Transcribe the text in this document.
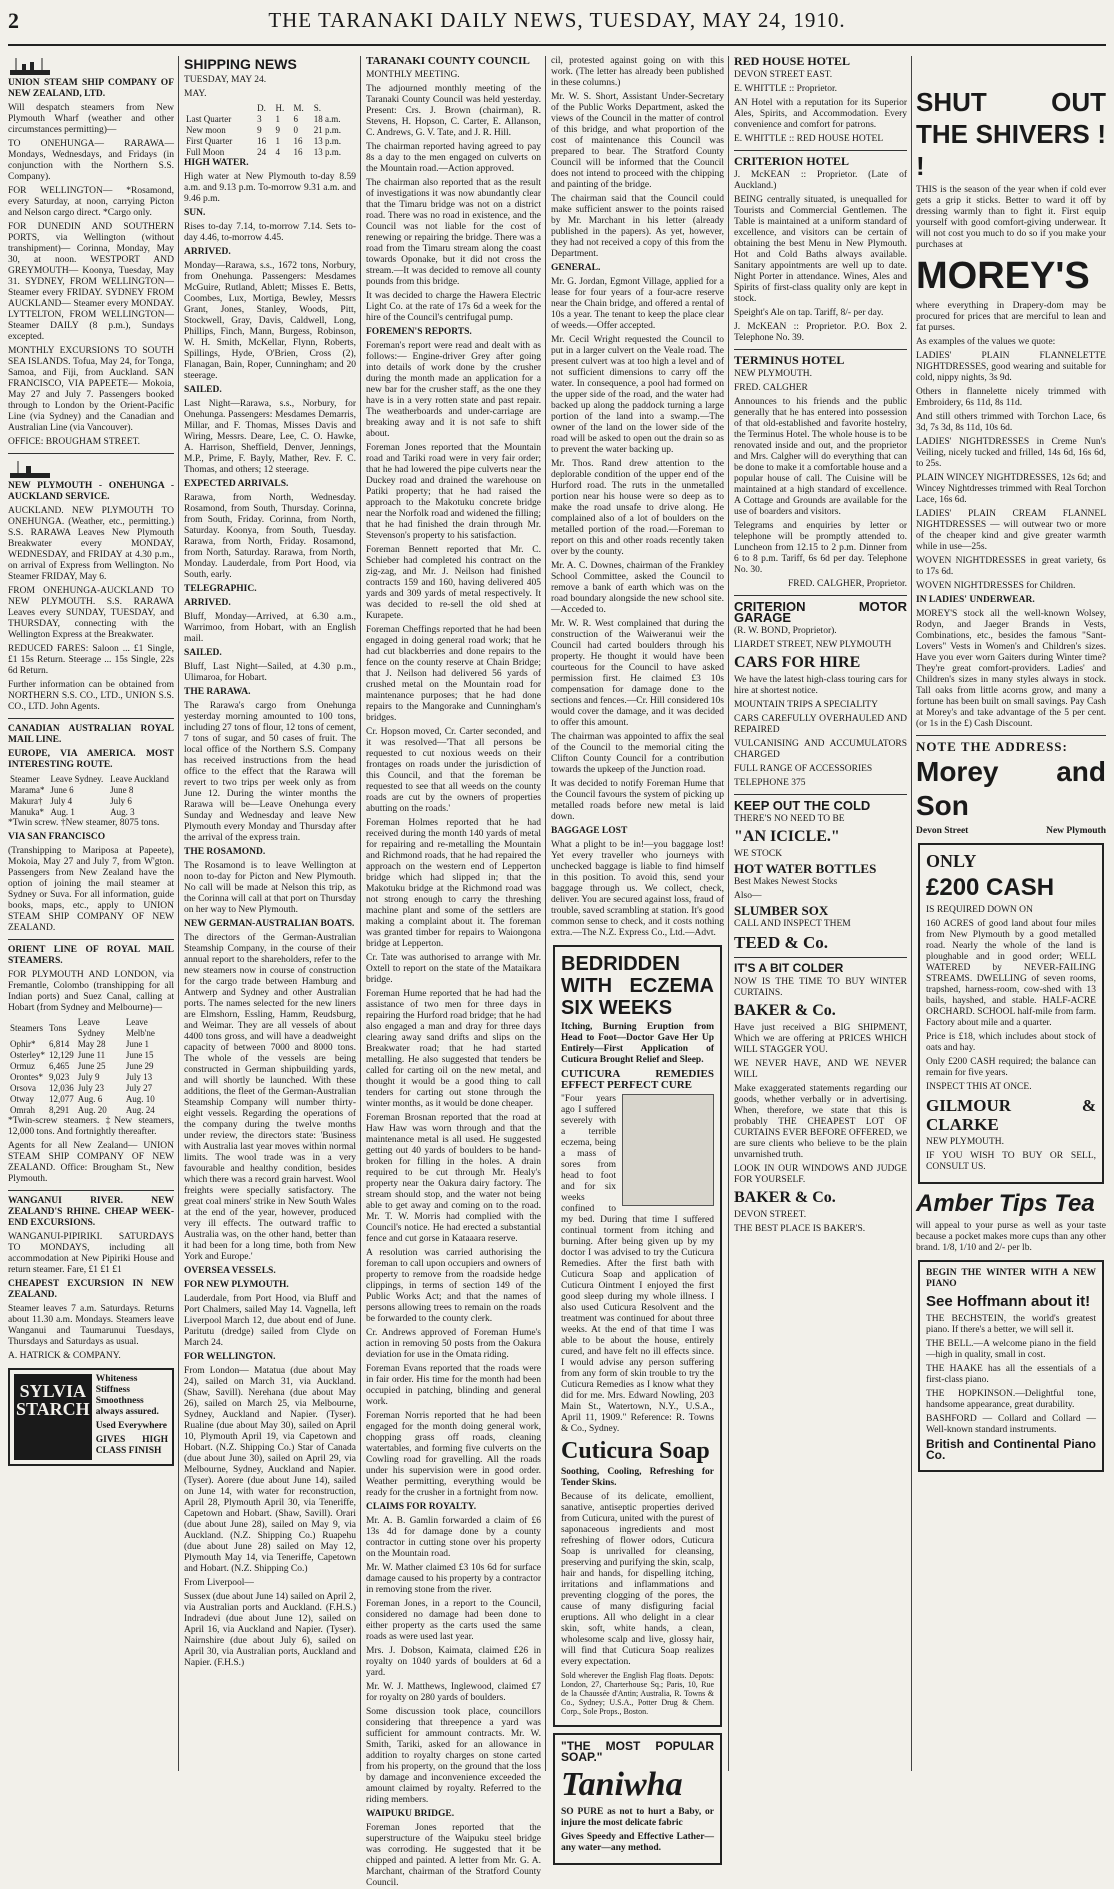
2	THE TARANAKI DAILY NEWS, TUESDAY, MAY 24, 1910.

UNION STEAM SHIP COMPANY OF NEW ZEALAND, LTD.

Will despatch steamers from New Plymouth Wharf (weather and other circumstances permitting)—

TO ONEHUNGA— RARAWA—Mondays, Wednesdays, and Fridays (in conjunction with the Northern S.S. Company).

FOR WELLINGTON— *Rosamond, every Saturday, at noon, carrying Picton and Nelson cargo direct. *Cargo only.

FOR DUNEDIN AND SOUTHERN PORTS, via Wellington (without transhipment)— Corinna, Monday, May 30, at noon. WESTPORT AND GREYMOUTH— Koonya, Tuesday, May 31. SYDNEY, FROM WELLINGTON— Steamer every FRIDAY. SYDNEY FROM AUCKLAND— Steamer every MONDAY. LYTTELTON, FROM WELLINGTON— Steamer DAILY (8 p.m.), Sundays excepted.

MONTHLY EXCURSIONS TO SOUTH SEA ISLANDS. Tofua, May 24, for Tonga, Samoa, and Fiji, from Auckland. SAN FRANCISCO, VIA PAPEETE— Mokoia, May 27 and July 7. Passengers booked through to London by the Orient-Pacific Line (via Sydney) and the Canadian and Australian Line (via Vancouver).

OFFICE: BROUGHAM STREET.

NEW PLYMOUTH - ONEHUNGA - AUCKLAND SERVICE.

AUCKLAND. NEW PLYMOUTH TO ONEHUNGA. (Weather, etc., permitting.) S.S. RARAWA Leaves New Plymouth Breakwater every MONDAY, WEDNESDAY, and FRIDAY at 4.30 p.m., on arrival of Express from Wellington. No Steamer FRIDAY, May 6.

FROM ONEHUNGA-AUCKLAND TO NEW PLYMOUTH. S.S. RARAWA Leaves every SUNDAY, TUESDAY, and THURSDAY, connecting with the Wellington Express at the Breakwater.

REDUCED FARES: Saloon ... £1 Single, £1 15s Return. Steerage ... 15s Single, 22s 6d Return.

Further information can be obtained from NORTHERN S.S. CO., LTD., UNION S.S. CO., LTD. John Agents.

CANADIAN AUSTRALIAN ROYAL MAIL LINE.

EUROPE, VIA AMERICA. MOST INTERESTING ROUTE.

Steamer	Leave Sydney.	Leave Auckland
Marama*	June 6	June 8
Makura†	July 4	July 6
Manuka*	Aug. 1	Aug. 3

*Twin screw. †New steamer, 8075 tons.

VIA SAN FRANCISCO

(Transhipping to Mariposa at Papeete), Mokoia, May 27 and July 7, from W'gton. Passengers from New Zealand have the option of joining the mail steamer at Sydney or Suva. For all information, guide books, maps, etc., apply to UNION STEAM SHIP COMPANY OF NEW ZEALAND.

ORIENT LINE OF ROYAL MAIL STEAMERS.

FOR PLYMOUTH AND LONDON, via Fremantle, Colombo (transhipping for all Indian ports) and Suez Canal, calling at Hobart (from Sydney and Melbourne)—

Steamers	Tons	Leave Sydney	Leave Melb'ne
Ophir*	6,814	May 28	June 1
Osterley*	12,129	June 11	June 15
Ormuz	6,465	June 25	June 29
Orontes*	9,023	July 9	July 13
Orsova	12,036	July 23	July 27
Otway	12,077	Aug. 6	Aug. 10
Omrah	8,291	Aug. 20	Aug. 24

*Twin-screw steamers. ‡New steamers, 12,000 tons. And fortnightly thereafter.

Agents for all New Zealand— UNION STEAM SHIP COMPANY OF NEW ZEALAND. Office: Brougham St., New Plymouth.

WANGANUI RIVER. NEW ZEALAND'S RHINE. CHEAP WEEK-END EXCURSIONS.

WANGANUI-PIPIRIKI. SATURDAYS TO MONDAYS, including all accommodation at New Pipiriki House and return steamer. Fare, £1 £1 £1

CHEAPEST EXCURSION IN NEW ZEALAND.

Steamer leaves 7 a.m. Saturdays. Returns about 11.30 a.m. Mondays. Steamers leave Wanganui and Taumarunui Tuesdays, Thursdays and Saturdays as usual.

A. HATRICK & COMPANY.

SYLVIA STARCH

Whiteness Stiffness Smoothness always assured.

Used Everywhere

GIVES HIGH CLASS FINISH

SHIPPING NEWS

TUESDAY, MAY 24.

MAY.

	D.	H.	M.	S.
Last Quarter	3	1	6	18 a.m.
New moon	9	9	0	21 p.m.
First Quarter	16	1	16	13 p.m.
Full Moon	24	4	16	13 p.m.

HIGH WATER.

High water at New Plymouth to-day 8.59 a.m. and 9.13 p.m. To-morrow 9.31 a.m. and 9.46 p.m.

SUN.

Rises to-day 7.14, to-morrow 7.14. Sets to-day 4.46, to-morrow 4.45.

ARRIVED.

Monday—Rarawa, s.s., 1672 tons, Norbury, from Onehunga. Passengers: Mesdames McGuire, Rutland, Ablett; Misses E. Betts, Coombes, Lux, Mortiga, Bewley, Messrs Grant, Jones, Stanley, Woods, Pitt, Stockwell, Gray, Davis, Caldwell, Long, Phillips, Finch, Mann, Burgess, Robinson, W. H. Smith, McKellar, Flynn, Roberts, Spillings, Hyde, O'Brien, Cross (2), Flanagan, Bain, Roper, Cunningham; and 20 steerage.

SAILED.

Last Night—Rarawa, s.s., Norbury, for Onehunga. Passengers: Mesdames Demarris, Millar, and F. Thomas, Misses Davis and Wiring, Messrs. Deare, Lee, C. O. Hawke, A. Harrison, Sheffield, Denver, Jennings, M.P., Prime, F. Bayly, Mather, Rev. F. C. Thomas, and others; 12 steerage.

EXPECTED ARRIVALS.

Rarawa, from North, Wednesday. Rosamond, from South, Thursday. Corinna, from South, Friday. Corinna, from North, Saturday. Koonya, from South, Tuesday. Rarawa, from North, Friday. Rosamond, from North, Saturday. Rarawa, from North, Monday. Lauderdale, from Port Hood, via South, early.

TELEGRAPHIC.

ARRIVED.

Bluff, Monday—Arrived, at 6.30 a.m., Warrimoo, from Hobart, with an English mail.

SAILED.

Bluff, Last Night—Sailed, at 4.30 p.m., Ulimaroa, for Hobart.

THE RARAWA.

The Rarawa's cargo from Onehunga yesterday morning amounted to 100 tons, including 27 tons of flour, 12 tons of cement, 7 tons of sugar, and 50 cases of fruit. The local office of the Northern S.S. Company has received instructions from the head office to the effect that the Rarawa will revert to two trips per week only as from June 12. During the winter months the Rarawa will be—Leave Onehunga every Sunday and Wednesday and leave New Plymouth every Monday and Thursday after the arrival of the express train.

THE ROSAMOND.

The Rosamond is to leave Wellington at noon to-day for Picton and New Plymouth. No call will be made at Nelson this trip, as the Corinna will call at that port on Thursday on her way to New Plymouth.

NEW GERMAN-AUSTRALIAN BOATS.

The directors of the German-Australian Steamship Company, in the course of their annual report to the shareholders, refer to the new steamers now in course of construction for the cargo trade between Hamburg and Antwerp and Sydney and other Australian ports. The names selected for the new liners are Elmshorn, Essling, Hamm, Reudsburg, and Weimar. They are all vessels of about 4400 tons gross, and will have a deadweight capacity of between 7000 and 8000 tons. The whole of the vessels are being constructed in German shipbuilding yards, and will shortly be launched. With these additions, the fleet of the German-Australian Steamship Company will number thirty-eight vessels. Regarding the operations of the company during the twelve months under review, the directors state: 'Business with Australia last year moves within normal limits. The wool trade was in a very favourable and healthy condition, besides which there was a record grain harvest. Wool freights were specially satisfactory. The great coal miners' strike in New South Wales at the end of the year, however, produced very ill effects. The outward traffic to Australia was, on the other hand, better than it had been for a long time, both from New York and Europe.'

OVERSEA VESSELS.

FOR NEW PLYMOUTH.

Lauderdale, from Port Hood, via Bluff and Port Chalmers, sailed May 14. Vagnella, left Liverpool March 12, due about end of June. Paritutu (dredge) sailed from Clyde on March 24.

FOR WELLINGTON.

From London— Matatua (due about May 24), sailed on March 31, via Auckland. (Shaw, Savill). Nerehana (due about May 26), sailed on March 25, via Melbourne, Sydney, Auckland and Napier. (Tyser). Rualine (due about May 30), sailed on April 10, Plymouth April 19, via Capetown and Hobart. (N.Z. Shipping Co.) Star of Canada (due about June 30), sailed on April 29, via Melbourne, Sydney, Auckland and Napier. (Tyser). Aorere (due about June 14), sailed on June 14, with water for reconstruction, April 28, Plymouth April 30, via Teneriffe, Capetown and Hobart. (Shaw, Savill). Orari (due about June 28), sailed on May 9, via Auckland. (N.Z. Shipping Co.) Ruapehu (due about June 28) sailed on May 12, Plymouth May 14, via Teneriffe, Capetown and Hobart. (N.Z. Shipping Co.)

From Liverpool—

Sussex (due about June 14) sailed on April 2, via Australian ports and Auckland. (F.H.S.) Indradevi (due about June 12), sailed on April 16, via Auckland and Napier. (Tyser). Nairnshire (due about July 6), sailed on April 30, via Australian ports, Auckland and Napier. (F.H.S.)

TARANAKI COUNTY COUNCIL

MONTHLY MEETING.

The adjourned monthly meeting of the Taranaki County Council was held yesterday. Present: Crs. J. Brown (chairman), R. Stevens, H. Hopson, C. Carter, E. Allanson, C. Andrews, G. V. Tate, and J. R. Hill.

The chairman reported having agreed to pay 8s a day to the men engaged on culverts on the Mountain road.—Action approved.

The chairman also reported that as the result of investigations it was now abundantly clear that the Timaru bridge was not on a district road. There was no road in existence, and the Council was not liable for the cost of renewing or repairing the bridge. There was a road from the Timaru stream along the coast towards Oponake, but it did not cross the stream.—It was decided to remove all county pounds from this bridge.

It was decided to charge the Hawera Electric Light Co. at the rate of 17s 6d a week for the hire of the Council's centrifugal pump.

FOREMEN'S REPORTS.

Foreman's report were read and dealt with as follows:— Engine-driver Grey after going into details of work done by the crusher during the month made an application for a new bar for the crusher staff, as the one they have is in a very rotten state and past repair. The weatherboards and under-carriage are breaking away and it is not safe to shift about.

Foreman Jones reported that the Mountain road and Tariki road were in very fair order; that he had lowered the pipe culverts near the Duckey road and drained the warehouse on Patiki property; that he had raised the approach to the Makotuku concrete bridge near the Norfolk road and widened the filling; that he had finished the drain through Mr. Stevenson's property to his satisfaction.

Foreman Bennett reported that Mr. C. Schieber had completed his contract on the zig-zag, and Mr. J. Neilson had finished contracts 159 and 160, having delivered 405 yards and 309 yards of metal respectively. It was decided to re-sell the old shed at Kurapete.

Foreman Cheffings reported that he had been engaged in doing general road work; that he had cut blackberries and done repairs to the fence on the county reserve at Chain Bridge; that J. Neilson had delivered 56 yards of crushed metal on the Mountain road for maintenance purposes; that he had done repairs to the Mangorake and Cunningham's bridges.

Cr. Hopson moved, Cr. Carter seconded, and it was resolved—'That all persons be requested to cut noxious weeds on their frontages on roads under the jurisdiction of this Council, and that the foreman be requested to see that all weeds on the county roads are cut by the owners of properties abutting on the roads.'

Foreman Holmes reported that he had received during the month 140 yards of metal for repairing and re-metalling the Mountain and Richmond roads, that he had repaired the approach on the western end of Lepperton bridge which had slipped in; that the Makotuku bridge at the Richmond road was not strong enough to carry the threshing machine plant and some of the settlers are making a complaint about it. The foreman was granted timber for repairs to Waiongona bridge at Lepperton.

Cr. Tate was authorised to arrange with Mr. Oxtell to report on the state of the Mataikara bridge.

Foreman Hume reported that he had had the assistance of two men for three days in repairing the Hurford road bridge; that he had also engaged a man and dray for three days clearing away sand drifts and slips on the Breakwater road; that he had started metalling. He also suggested that tenders be called for carting oil on the new metal, and thought it would be a good thing to call tenders for carting out stone through the winter months, as it would be done cheaper.

Foreman Brosnan reported that the road at Haw Haw was worn through and that the maintenance metal is all used. He suggested getting out 40 yards of boulders to be hand-broken for filling in the holes. A drain required to be cut through Mr. Healy's property near the Oakura dairy factory. The stream should stop, and the water not being able to get away and coming on to the road. Mr. T. W. Morris had complied with the Council's notice. He had erected a substantial fence and cut gorse in Kataaara reserve.

A resolution was carried authorising the foreman to call upon occupiers and owners of property to remove from the roadside hedge clippings, in terms of section 149 of the Public Works Act; and that the names of persons allowing trees to remain on the roads be forwarded to the county clerk.

Cr. Andrews approved of Foreman Hume's action in removing 50 posts from the Oakura deviation for use in the Omata riding.

Foreman Evans reported that the roads were in fair order. His time for the month had been occupied in patching, blinding and general work.

Foreman Norris reported that he had been engaged for the month doing general work, chopping grass off roads, cleaning watertables, and forming five culverts on the Cowling road for gravelling. All the roads under his supervision were in good order. Weather permitting, everything would be ready for the crusher in a fortnight from now.

CLAIMS FOR ROYALTY.

Mr. A. B. Gamlin forwarded a claim of £6 13s 4d for damage done by a county contractor in cutting stone over his property on the Mountain road.

Mr. W. Mather claimed £3 10s 6d for surface damage caused to his property by a contractor in removing stone from the river.

Foreman Jones, in a report to the Council, considered no damage had been done to either property as the carts used the same roads as were used last year.

Mrs. J. Dobson, Kaimata, claimed £26 in royalty on 1040 yards of boulders at 6d a yard.

Mr. W. J. Matthews, Inglewood, claimed £7 for royalty on 280 yards of boulders.

Some discussion took place, councillors considering that threepence a yard was sufficient for ammount contracts. Mr. W. Smith, Tariki, asked for an allowance in addition to royalty charges on stone carted from his property, on the ground that the loss by damage and inconvenience exceeded the amount claimed by royalty. Referred to the riding members.

WAIPUKU BRIDGE.

Foreman Jones reported that the superstructure of the Waipuku steel bridge was corroding. He suggested that it be chipped and painted. A letter from Mr. G. A. Marchant, chairman of the Stratford County Council.

cil, protested against going on with this work. (The letter has already been published in these columns.)

Mr. W. S. Short, Assistant Under-Secretary of the Public Works Department, asked the views of the Council in the matter of control of this bridge, and what proportion of the cost of maintenance this Council was prepared to bear. The Stratford County Council will be informed that the Council does not intend to proceed with the chipping and painting of the bridge.

The chairman said that the Council could make sufficient answer to the points raised by Mr. Marchant in his letter (already published in the papers). As yet, however, they had not received a copy of this from the Department.

GENERAL.

Mr. G. Jordan, Egmont Village, applied for a lease for four years of a four-acre reserve near the Chain bridge, and offered a rental of 10s a year. The tenant to keep the place clear of weeds.—Offer accepted.

Mr. Cecil Wright requested the Council to put in a larger culvert on the Veale road. The present culvert was at too high a level and of not sufficient dimensions to carry off the water. In consequence, a pool had formed on the upper side of the road, and the water had backed up along the paddock turning a large portion of the land into a swamp.—The owner of the land on the lower side of the road will be asked to open out the drain so as to prevent the water backing up.

Mr. Thos. Rand drew attention to the deplorable condition of the upper end of the Hurford road. The ruts in the unmetalled portion near his house were so deep as to make the road unsafe to drive along. He complained also of a lot of boulders on the metalled portion of the road.—Foreman to report on this and other roads recently taken over by the county.

Mr. A. C. Downes, chairman of the Frankley School Committee, asked the Council to remove a bank of earth which was on the road boundary alongside the new school site.—Acceded to.

Mr. W. R. West complained that during the construction of the Waiweranui weir the Council had carted boulders through his property. He thought it would have been courteous for the Council to have asked permission first. He claimed £3 10s compensation for damage done to the sections and fences.—Cr. Hill considered 10s would cover the damage, and it was decided to offer this amount.

The chairman was appointed to affix the seal of the Council to the memorial citing the Clifton County Council for a contribution towards the upkeep of the Junction road.

It was decided to notify Foreman Hume that the Council favours the system of picking up metalled roads before new metal is laid down.

BAGGAGE LOST

What a plight to be in!—you baggage lost! Yet every traveller who journeys with unchecked baggage is liable to find himself in this position. To avoid this, send your baggage through us. We collect, check, deliver. You are secured against loss, fraud of trouble, saved scrambling at station. It's good common sense to check, and it costs nothing extra.—The N.Z. Express Co., Ltd.—Advt.

BEDRIDDEN WITH ECZEMA SIX WEEKS

Itching, Burning Eruption from Head to Foot—Doctor Gave Her Up Entirely—First Application of Cuticura Brought Relief and Sleep.

CUTICURA REMEDIES EFFECT PERFECT CURE

"Four years ago I suffered severely with a terrible eczema, being a mass of sores from head to foot and for six weeks confined to my bed. During that time I suffered continual torment from itching and burning. After being given up by my doctor I was advised to try the Cuticura Remedies. After the first bath with Cuticura Soap and application of Cuticura Ointment I enjoyed the first good sleep during my whole illness. I also used Cuticura Resolvent and the treatment was continued for about three weeks. At the end of that time I was able to be about the house, entirely cured, and have felt no ill effects since. I would advise any person suffering from any form of skin trouble to try the Cuticura Remedies as I know what they did for me. Mrs. Edward Nowling, 203 Main St., Watertown, N.Y., U.S.A., April 11, 1909." Reference: R. Towns & Co., Sydney.

Cuticura Soap

Soothing, Cooling, Refreshing for Tender Skins.

Because of its delicate, emollient, sanative, antiseptic properties derived from Cuticura, united with the purest of saponaceous ingredients and most refreshing of flower odors, Cuticura Soap is unrivalled for cleansing, preserving and purifying the skin, scalp, hair and hands, for dispelling itching, irritations and inflammations and preventing clogging of the pores, the cause of many disfiguring facial eruptions. All who delight in a clear skin, soft, white hands, a clean, wholesome scalp and live, glossy hair, will find that Cuticura Soap realizes every expectation.

Sold wherever the English Flag floats. Depots: London, 27, Charterhouse Sq.; Paris, 10, Rue de la Chaussée d'Antin; Australia, R. Towns & Co., Sydney; U.S.A., Potter Drug & Chem. Corp., Sole Props., Boston.

"THE MOST POPULAR SOAP."

Taniwha

SO PURE as not to hurt a Baby, or injure the most delicate fabric

Gives Speedy and Effective Lather—any water—any method.

RED HOUSE HOTEL

DEVON STREET EAST.

E. WHITTLE :: Proprietor.

AN Hotel with a reputation for its Superior Ales, Spirits, and Accommodation. Every convenience and comfort for patrons.

E. WHITTLE :: RED HOUSE HOTEL

CRITERION HOTEL

J. McKEAN :: Proprietor. (Late of Auckland.)

BEING centrally situated, is unequalled for Tourists and Commercial Gentlemen. The Table is maintained at a uniform standard of excellence, and visitors can be certain of obtaining the best Menu in New Plymouth. Hot and Cold Baths always available. Sanitary appointments are well up to date. Night Porter in attendance. Wines, Ales and Spirits of first-class quality only are kept in stock.

Speight's Ale on tap. Tariff, 8/- per day.

J. McKEAN :: Proprietor. P.O. Box 2. Telephone No. 39.

TERMINUS HOTEL

NEW PLYMOUTH.

FRED. CALGHER

Announces to his friends and the public generally that he has entered into possession of that old-established and favorite hostelry, the Terminus Hotel. The whole house is to be renovated inside and out, and the proprietor and Mrs. Calgher will do everything that can be done to make it a comfortable house and a popular house of call. The Cuisine will be maintained at a high standard of excellence. A Cottage and Grounds are available for the use of boarders and visitors.

Telegrams and enquiries by letter or telephone will be promptly attended to. Luncheon from 12.15 to 2 p.m. Dinner from 6 to 8 p.m. Tariff, 6s 6d per day. Telephone No. 30.

FRED. CALGHER, Proprietor.

CRITERION MOTOR GARAGE

(R. W. BOND, Proprietor).

LIARDET STREET, NEW PLYMOUTH

CARS FOR HIRE

We have the latest high-class touring cars for hire at shortest notice.

MOUNTAIN TRIPS A SPECIALITY

CARS CAREFULLY OVERHAULED AND REPAIRED

VULCANISING AND ACCUMULATORS CHARGED

FULL RANGE OF ACCESSORIES

TELEPHONE 375

KEEP OUT THE COLD

THERE'S NO NEED TO BE

"AN ICICLE."

WE STOCK

HOT WATER BOTTLES

Best Makes Newest Stocks

Also—

SLUMBER SOX

CALL AND INSPECT THEM

TEED & Co.

IT'S A BIT COLDER

NOW IS THE TIME TO BUY WINTER CURTAINS.

BAKER & Co.

Have just received a BIG SHIPMENT, Which we are offering at PRICES WHICH WILL STAGGER YOU.

WE NEVER HAVE, AND WE NEVER WILL

Make exaggerated statements regarding our goods, whether verbally or in advertising. When, therefore, we state that this is probably THE CHEAPEST LOT OF CURTAINS EVER BEFORE OFFERED, we are sure clients who believe to be the plain unvarnished truth.

LOOK IN OUR WINDOWS AND JUDGE FOR YOURSELF.

BAKER & Co.

DEVON STREET.

THE BEST PLACE IS BAKER'S.

SHUT OUT THE SHIVERS ! !

THIS is the season of the year when if cold ever gets a grip it sticks. Better to ward it off by dressing warmly than to fight it. First equip yourself with good comfort-giving underwear. It will not cost you much to do so if you make your purchases at

MOREY'S

where everything in Drapery-dom may be procured for prices that are merciful to lean and fat purses.

As examples of the values we quote:

LADIES' PLAIN FLANNELETTE NIGHTDRESSES, good wearing and suitable for cold, nippy nights, 3s 9d.

Others in flannelette nicely trimmed with Embroidery, 6s 11d, 8s 11d.

And still others trimmed with Torchon Lace, 6s 3d, 7s 3d, 8s 11d, 10s 6d.

LADIES' NIGHTDRESSES in Creme Nun's Veiling, nicely tucked and frilled, 14s 6d, 16s 6d, to 25s.

PLAIN WINCEY NIGHTDRESSES, 12s 6d; and Wincey Nightdresses trimmed with Real Torchon Lace, 16s 6d.

LADIES' PLAIN CREAM FLANNEL NIGHTDRESSES — will outwear two or more of the cheaper kind and give greater warmth while in use—25s.

WOVEN NIGHTDRESSES in great variety, 6s to 17s 6d.

WOVEN NIGHTDRESSES for Children.

IN LADIES' UNDERWEAR.

MOREY'S stock all the well-known Wolsey, Rodyn, and Jaeger Brands in Vests, Combinations, etc., besides the famous "Sant-Lovers" Vests in Women's and Children's sizes. Have you ever worn Gaiters during Winter time? They're great comfort-providers. Ladies' and Children's sizes in many styles always in stock. Tall oaks from little acorns grow, and many a fortune has been built on small savings. Pay Cash at Morey's and take advantage of the 5 per cent. (or 1s in the £) Cash Discount.

NOTE THE ADDRESS:

Morey and Son

Devon Street	New Plymouth

ONLY

£200 CASH

IS REQUIRED DOWN ON

160 ACRES of good land about four miles from New Plymouth by a good metalled road. Nearly the whole of the land is ploughable and in good order; WELL WATERED by NEVER-FAILING STREAMS. DWELLING of seven rooms, trapshed, harness-room, cow-shed with 13 bails, hayshed, and stable. HALF-ACRE ORCHARD. SCHOOL half-mile from farm. Factory about mile and a quarter.

Price is £18, which includes about stock of oats and hay.

Only £200 CASH required; the balance can remain for five years.

INSPECT THIS AT ONCE.

GILMOUR & CLARKE

NEW PLYMOUTH.

IF YOU WISH TO BUY OR SELL, CONSULT US.

Amber Tips Tea

will appeal to your purse as well as your taste because a pocket makes more cups than any other brand. 1/8, 1/10 and 2/- per lb.

BEGIN THE WINTER WITH A NEW PIANO

See Hoffmann about it!

THE BECHSTEIN, the world's greatest piano. If there's a better, we will sell it.

THE BELL.—A welcome piano in the field—high in quality, small in cost.

THE HAAKE has all the essentials of a first-class piano.

THE HOPKINSON.—Delightful tone, handsome appearance, great durability.

BASHFORD — Collard and Collard — Well-known standard instruments.

British and Continental Piano Co.
